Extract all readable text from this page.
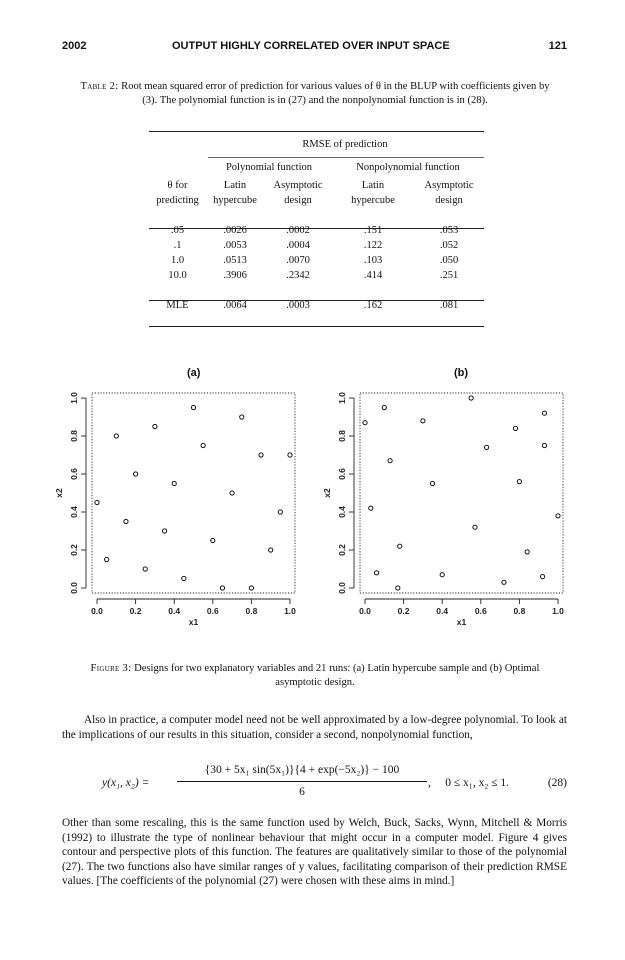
2002	OUTPUT HIGHLY CORRELATED OVER INPUT SPACE	121
Table 2: Root mean squared error of prediction for various values of θ in the BLUP with coefficients given by (3). The polynomial function is in (27) and the nonpolynomial function is in (28).
	RMSE of prediction			
	Polynomial function		Nonpolynomial function	
θ for	Latin	Asymptotic	Latin	Asymptotic
predicting	hypercube	design	hypercube	design

.05	.0026	.0002	.151	.053
.1	.0053	.0004	.122	.052
1.0	.0513	.0070	.103	.050
10.0	.3906	.2342	.414	.251

MLE	.0064	.0003	.162	.081
(a)	(b)
0.0	0.2	0.4	0.6	0.8	1.0
x1
0.0
0.2
0.4
0.6
0.8
1.0
x2
0.0	0.2	0.4	0.6	0.8	1.0
x1
0.0
0.2
0.4
0.6
0.8
1.0
x2
Figure 3: Designs for two explanatory variables and 21 runs: (a) Latin hypercube sample and (b) Optimal asymptotic design.
Also in practice, a computer model need not be well approximated by a low-degree polynomial. To look at the implications of our results in this situation, consider a second, nonpolynomial function,
y(x₁, x₂) =
{30 + 5x₁ sin(5x₁)}{4 + exp(−5x₂)} − 100
6
,     0 ≤ x₁, x₂ ≤ 1.	(28)
Other than some rescaling, this is the same function used by Welch, Buck, Sacks, Wynn, Mitchell & Morris (1992) to illustrate the type of nonlinear behaviour that might occur in a computer model. Figure 4 gives contour and perspective plots of this function. The features are qualitatively similar to those of the polynomial (27). The two functions also have similar ranges of y values, facilitating comparison of their prediction RMSE values. [The coefficients of the polynomial (27) were chosen with these aims in mind.]
